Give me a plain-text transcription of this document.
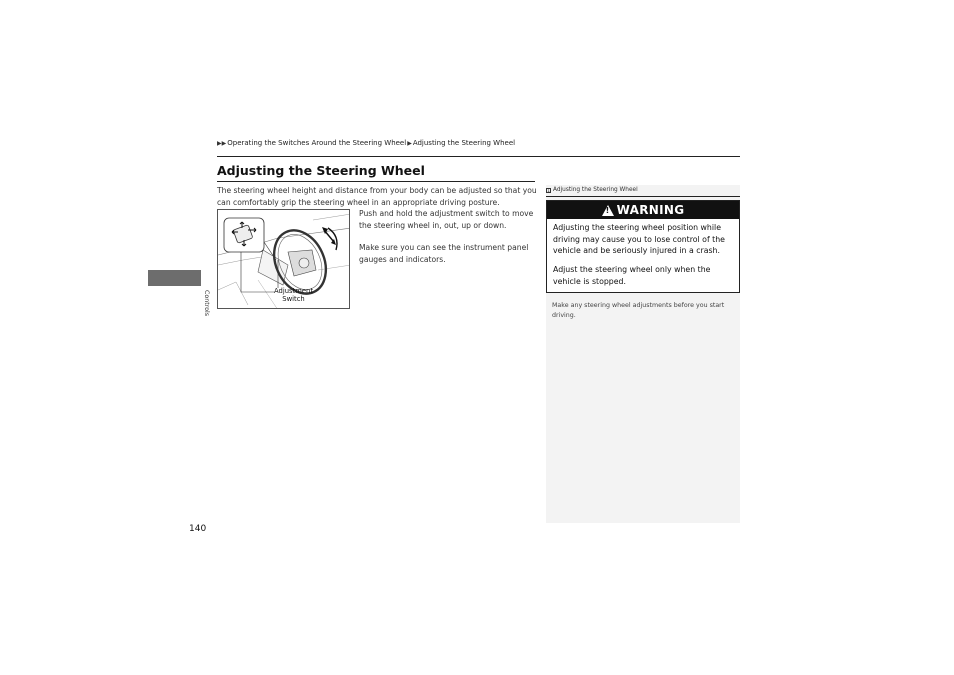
▶▶ Operating the Switches Around the Steering Wheel ▶ Adjusting the Steering Wheel
Controls
Adjusting the Steering Wheel
The steering wheel height and distance from your body can be adjusted so that you can comfortably grip the steering wheel in an appropriate driving posture.
Adjustment
Switch

Push and hold the adjustment switch to move the steering wheel in, out, up or down.

Make sure you can see the instrument panel gauges and indicators.

1 Adjusting the Steering Wheel
! WARNING
Adjusting the steering wheel position while driving may cause you to lose control of the vehicle and be seriously injured in a crash.
Adjust the steering wheel only when the vehicle is stopped.
Make any steering wheel adjustments before you start driving.
140
